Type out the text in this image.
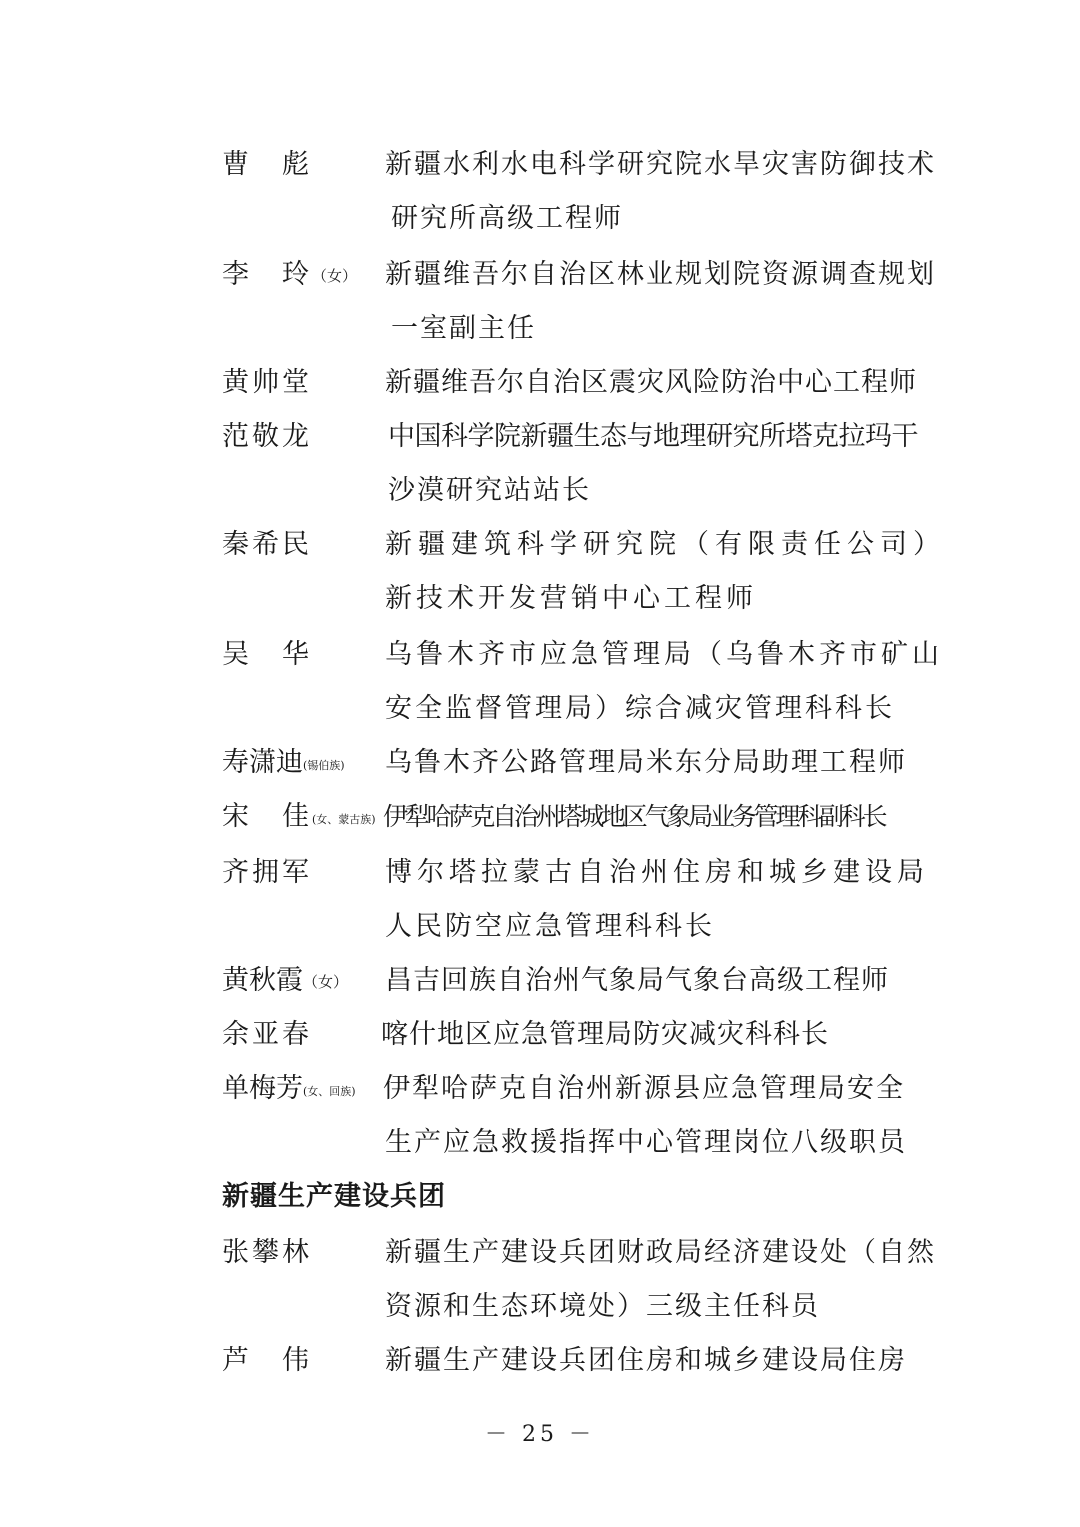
曹　彪	新疆水利水电科学研究院水旱灾害防御技术
研究所高级工程师
李　玲（女） 新疆维吾尔自治区林业规划院资源调查规划
一室副主任
黄帅堂	新疆维吾尔自治区震灾风险防治中心工程师
范敬龙	中国科学院新疆生态与地理研究所塔克拉玛干
沙漠研究站站长
秦希民	新疆建筑科学研究院（有限责任公司）
新技术开发营销中心工程师
吴　华	乌鲁木齐市应急管理局（乌鲁木齐市矿山
安全监督管理局）综合减灾管理科科长
寿潇迪(锡伯族) 乌鲁木齐公路管理局米东分局助理工程师
宋　佳(女、蒙古族) 伊犁哈萨克自治州塔城地区气象局业务管理科副科长
齐拥军	博尔塔拉蒙古自治州住房和城乡建设局
人民防空应急管理科科长
黄秋霞（女） 昌吉回族自治州气象局气象台高级工程师
余亚春	喀什地区应急管理局防灾减灾科科长
单梅芳(女、回族) 伊犁哈萨克自治州新源县应急管理局安全
生产应急救援指挥中心管理岗位八级职员
新疆生产建设兵团
张攀林	新疆生产建设兵团财政局经济建设处（自然
资源和生态环境处）三级主任科员
芦　伟	新疆生产建设兵团住房和城乡建设局住房
－ 25 －
